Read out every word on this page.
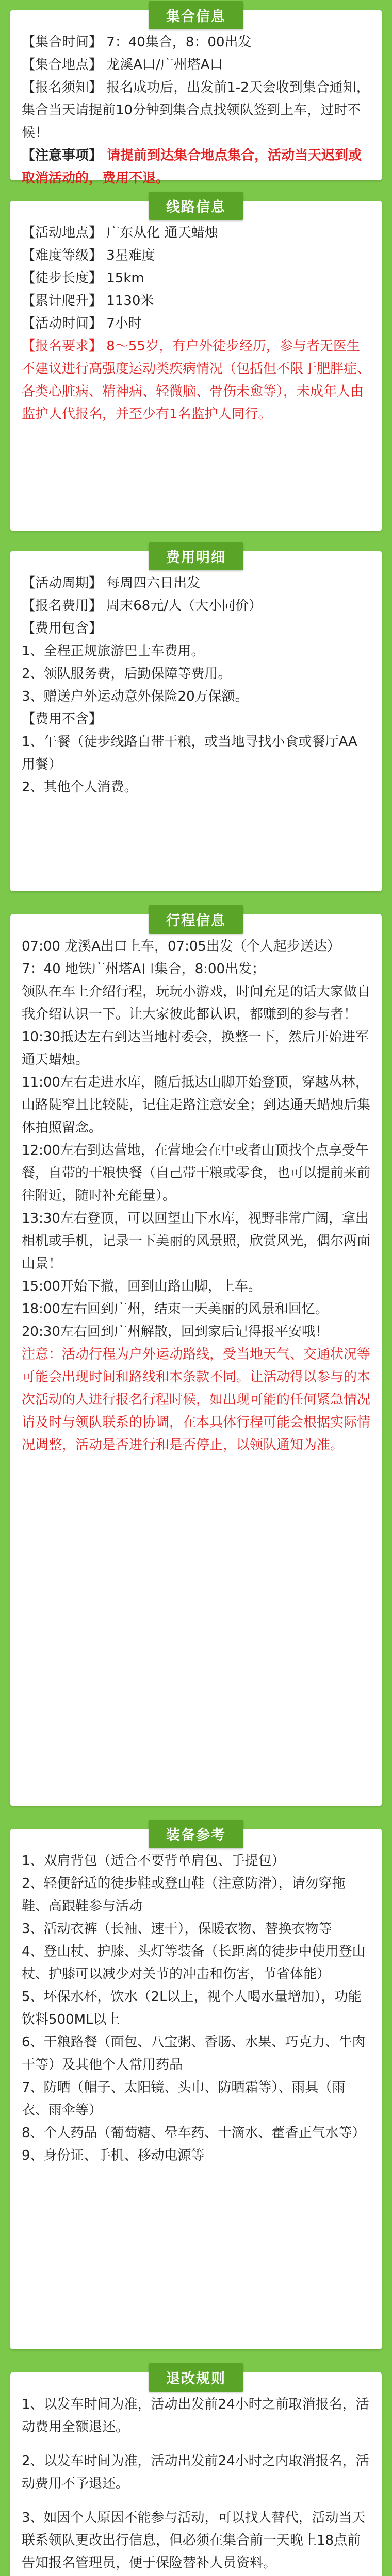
集合信息

【集合时间】 7：40集合，8：00出发

【集合地点】 龙溪A口/广州塔A口

【报名须知】 报名成功后，出发前1-2天会收到集合通知，集合当天请提前10分钟到集合点找领队签到上车，过时不候！

【注意事项】 请提前到达集合地点集合，活动当天迟到或取消活动的，费用不退。

线路信息

【活动地点】 广东从化 通天蜡烛

【难度等级】 3星难度

【徒步长度】 15km

【累计爬升】 1130米

【活动时间】 7小时

【报名要求】 8～55岁，有户外徒步经历，参与者无医生不建议进行高强度运动类疾病情况（包括但不限于肥胖症、各类心脏病、精神病、轻微脑、骨伤未愈等），未成年人由监护人代报名，并至少有1名监护人同行。

费用明细

【活动周期】 每周四六日出发

【报名费用】 周末68元/人（大小同价）

【费用包含】

1、全程正规旅游巴士车费用。

2、领队服务费，后勤保障等费用。

3、赠送户外运动意外保险20万保额。

【费用不含】

1、午餐（徒步线路自带干粮，或当地寻找小食或餐厅AA用餐）

2、其他个人消费。

行程信息

07:00 龙溪A出口上车，07:05出发（个人起步送达）

7：40 地铁广州塔A口集合，8:00出发；

领队在车上介绍行程，玩玩小游戏，时间充足的话大家做自我介绍认识一下。让大家彼此都认识，都赚到的参与者！

10:30抵达左右到达当地村委会，换整一下，然后开始进军通天蜡烛。

11:00左右走进水库，随后抵达山脚开始登顶，穿越丛林，山路陡窄且比较陡，记住走路注意安全；到达通天蜡烛后集体拍照留念。

12:00左右到达营地，在营地会在中或者山顶找个点享受午餐，自带的干粮快餐（自己带干粮或零食，也可以提前来前往附近，随时补充能量）。

13:30左右登顶，可以回望山下水库，视野非常广阔，拿出相机或手机，记录一下美丽的风景照，欣赏风光，偶尔两面山景！

15:00开始下撤，回到山路山脚，上车。

18:00左右回到广州，结束一天美丽的风景和回忆。

20:30左右回到广州解散，回到家后记得报平安哦！

注意：活动行程为户外运动路线，受当地天气、交通状况等可能会出现时间和路线和本条款不同。让活动得以参与的本次活动的人进行报名行程时候，如出现可能的任何紧急情况请及时与领队联系的协调，在本具体行程可能会根据实际情况调整，活动是否进行和是否停止，以领队通知为准。

装备参考

1、双肩背包（适合不要背单肩包、手提包）

2、轻便舒适的徒步鞋或登山鞋（注意防滑），请勿穿拖鞋、高跟鞋参与活动

3、活动衣裤（长袖、速干），保暖衣物、替换衣物等

4、登山杖、护膝、头灯等装备（长距离的徒步中使用登山杖、护膝可以减少对关节的冲击和伤害，节省体能）

5、坏保水杯，饮水（2L以上，视个人喝水量增加），功能饮料500ML以上

6、干粮路餐（面包、八宝粥、香肠、水果、巧克力、牛肉干等）及其他个人常用药品

7、防晒（帽子、太阳镜、头巾、防晒霜等）、雨具（雨衣、雨伞等）

8、个人药品（葡萄糖、晕车药、十滴水、藿香正气水等）

9、身份证、手机、移动电源等

退改规则

1、以发车时间为准，活动出发前24小时之前取消报名，活动费用全额退还。

2、以发车时间为准，活动出发前24小时之内取消报名，活动费用不予退还。

3、如因个人原因不能参与活动，可以找人替代，活动当天联系领队更改出行信息，但必须在集合前一天晚上18点前告知报名管理员，便于保险替补人员资料。
